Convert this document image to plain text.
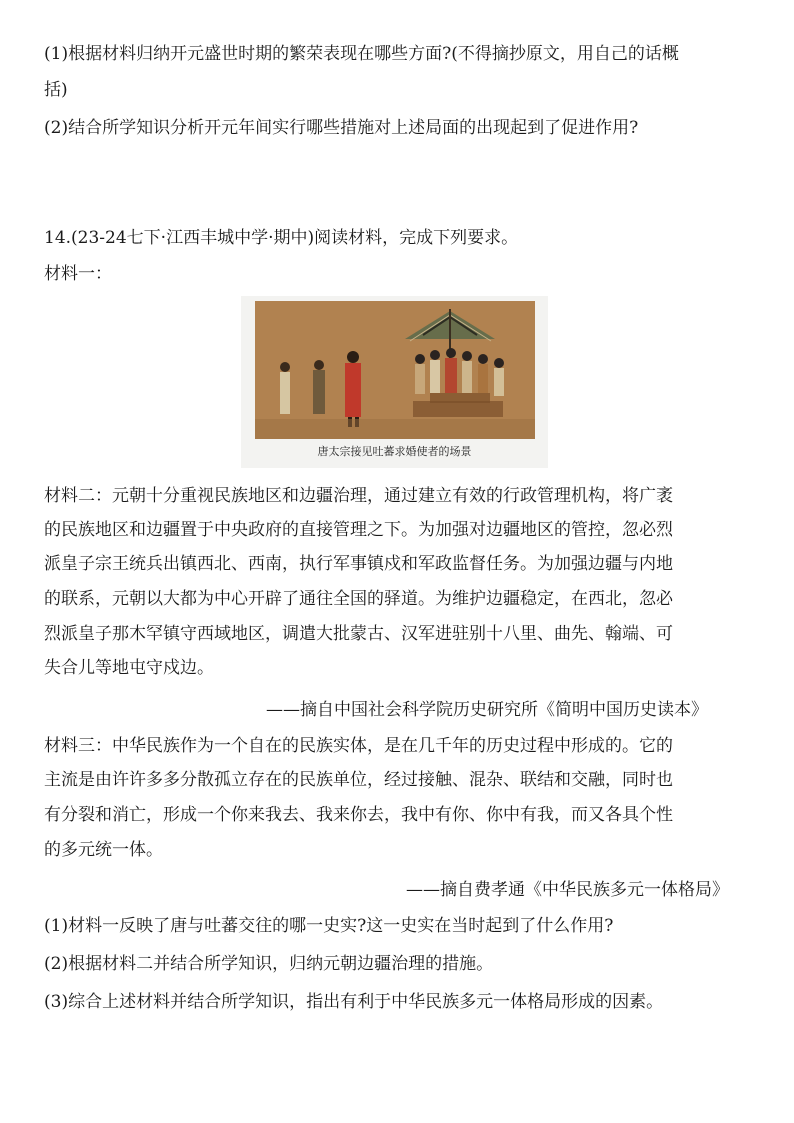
(1)根据材料归纳开元盛世时期的繁荣表现在哪些方面?(不得摘抄原文，用自己的话概
括)
(2)结合所学知识分析开元年间实行哪些措施对上述局面的出现起到了促进作用?
14.(23-24七下·江西丰城中学·期中)阅读材料，完成下列要求。
材料一：
唐太宗接见吐蕃求婚使者的场景
材料二：元朝十分重视民族地区和边疆治理，通过建立有效的行政管理机构，将广袤
的民族地区和边疆置于中央政府的直接管理之下。为加强对边疆地区的管控，忽必烈
派皇子宗王统兵出镇西北、西南，执行军事镇戍和军政监督任务。为加强边疆与内地
的联系，元朝以大都为中心开辟了通往全国的驿道。为维护边疆稳定，在西北，忽必
烈派皇子那木罕镇守西域地区，调遣大批蒙古、汉军进驻别十八里、曲先、翰端、可
失合儿等地屯守戍边。
——摘自中国社会科学院历史研究所《简明中国历史读本》
材料三：中华民族作为一个自在的民族实体，是在几千年的历史过程中形成的。它的
主流是由许许多多分散孤立存在的民族单位，经过接触、混杂、联结和交融，同时也
有分裂和消亡，形成一个你来我去、我来你去，我中有你、你中有我，而又各具个性
的多元统一体。
——摘自费孝通《中华民族多元一体格局》
(1)材料一反映了唐与吐蕃交往的哪一史实?这一史实在当时起到了什么作用?
(2)根据材料二并结合所学知识，归纳元朝边疆治理的措施。
(3)综合上述材料并结合所学知识，指出有利于中华民族多元一体格局形成的因素。
